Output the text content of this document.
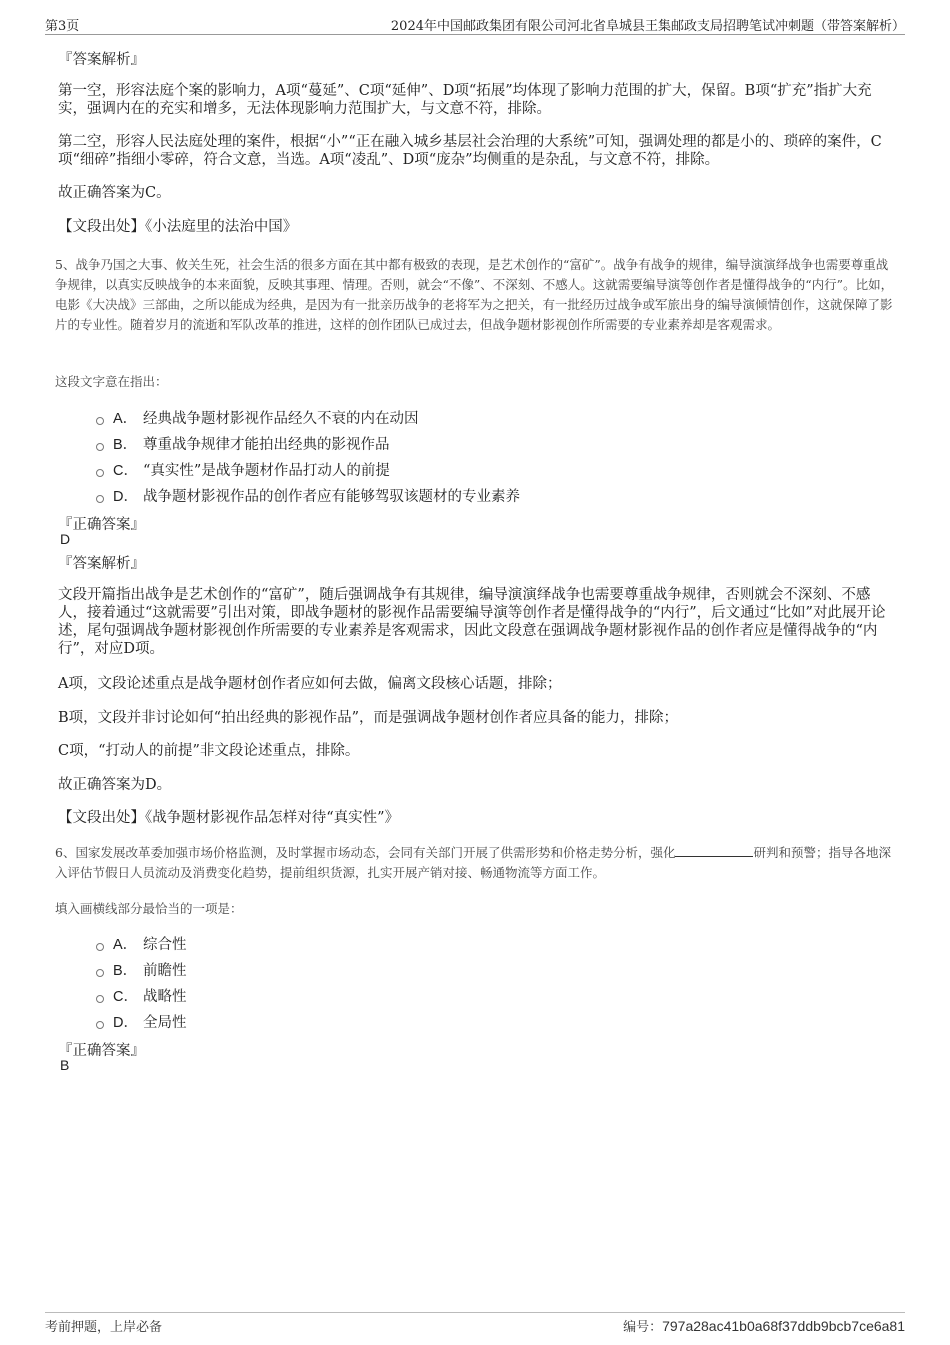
第3页	2024年中国邮政集团有限公司河北省阜城县王集邮政支局招聘笔试冲刺题（带答案解析）
『答案解析』
第一空，形容法庭个案的影响力，A项“蔓延”、C项“延伸”、D项“拓展”均体现了影响力范围的扩大，保留。B项“扩充”指扩大充实，强调内在的充实和增多，无法体现影响力范围扩大，与文意不符，排除。
第二空，形容人民法庭处理的案件，根据“小”“正在融入城乡基层社会治理的大系统”可知，强调处理的都是小的、琐碎的案件，C项“细碎”指细小零碎，符合文意，当选。A项“凌乱”、D项“庞杂”均侧重的是杂乱，与文意不符，排除。
故正确答案为C。
【文段出处】《小法庭里的法治中国》
5、战争乃国之大事、攸关生死，社会生活的很多方面在其中都有极致的表现，是艺术创作的“富矿”。战争有战争的规律，编导演演绎战争也需要尊重战争规律，以真实反映战争的本来面貌，反映其事理、情理。否则，就会“不像”、不深刻、不感人。这就需要编导演等创作者是懂得战争的“内行”。比如，电影《大决战》三部曲，之所以能成为经典，是因为有一批亲历战争的老将军为之把关，有一批经历过战争或军旅出身的编导演倾情创作，这就保障了影片的专业性。随着岁月的流逝和军队改革的推进，这样的创作团队已成过去，但战争题材影视创作所需要的专业素养却是客观需求。
这段文字意在指出：
A． 经典战争题材影视作品经久不衰的内在动因
B． 尊重战争规律才能拍出经典的影视作品
C． “真实性”是战争题材作品打动人的前提
D． 战争题材影视作品的创作者应有能够驾驭该题材的专业素养
『正确答案』
D
『答案解析』
文段开篇指出战争是艺术创作的“富矿”，随后强调战争有其规律，编导演演绎战争也需要尊重战争规律，否则就会不深刻、不感人，接着通过“这就需要”引出对策，即战争题材的影视作品需要编导演等创作者是懂得战争的“内行”，后文通过“比如”对此展开论述，尾句强调战争题材影视创作所需要的专业素养是客观需求，因此文段意在强调战争题材影视作品的创作者应是懂得战争的“内行”，对应D项。
A项，文段论述重点是战争题材创作者应如何去做，偏离文段核心话题，排除；
B项，文段并非讨论如何“拍出经典的影视作品”，而是强调战争题材创作者应具备的能力，排除；
C项，“打动人的前提”非文段论述重点，排除。
故正确答案为D。
【文段出处】《战争题材影视作品怎样对待“真实性”》
6、国家发展改革委加强市场价格监测，及时掌握市场动态，会同有关部门开展了供需形势和价格走势分析，强化	研判和预警；指导各地深入评估节假日人员流动及消费变化趋势，提前组织货源，扎实开展产销对接、畅通物流等方面工作。
填入画横线部分最恰当的一项是：
A． 综合性
B． 前瞻性
C． 战略性
D． 全局性
『正确答案』
B
考前押题，上岸必备	编号：797a28ac41b0a68f37ddb9bcb7ce6a81
